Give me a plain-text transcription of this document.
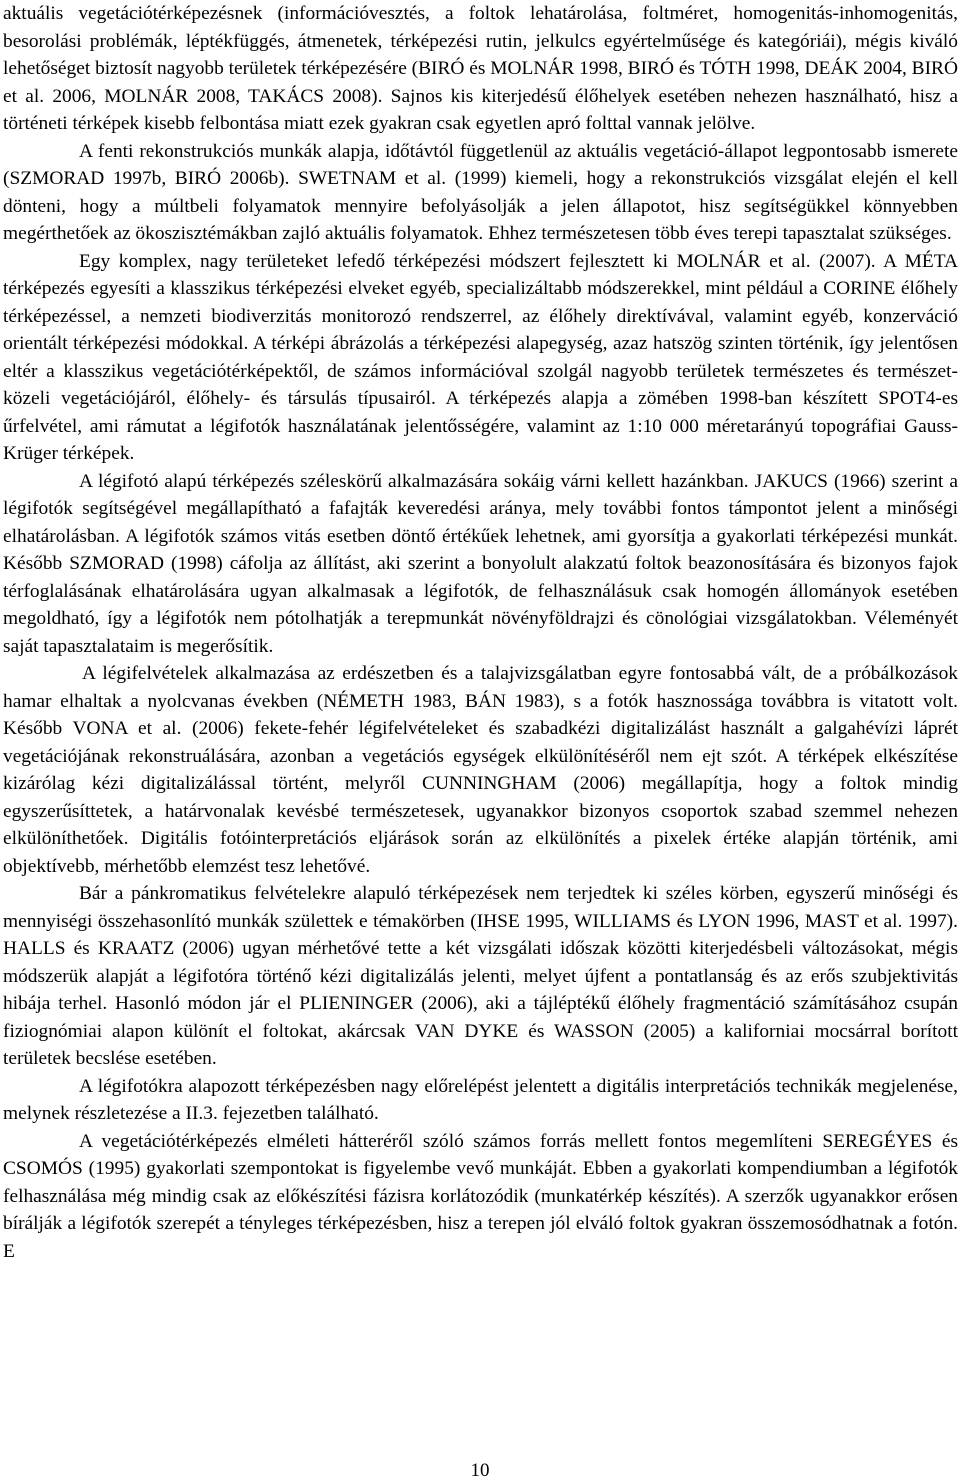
aktuális vegetációtérképezésnek (információvesztés, a foltok lehatárolása, foltméret, homogenitás-inhomogenitás, besorolási problémák, léptékfüggés, átmenetek, térképezési rutin, jelkulcs egyértelműsége és kategóriái), mégis kiváló lehetőséget biztosít nagyobb területek térképezésére (BIRÓ és MOLNÁR 1998, BIRÓ és TÓTH 1998, DEÁK 2004, BIRÓ et al. 2006, MOLNÁR 2008, TAKÁCS 2008). Sajnos kis kiterjedésű élőhelyek esetében nehezen használható, hisz a történeti térképek kisebb felbontása miatt ezek gyakran csak egyetlen apró folttal vannak jelölve.

A fenti rekonstrukciós munkák alapja, időtávtól függetlenül az aktuális vegetáció-állapot legpontosabb ismerete (SZMORAD 1997b, BIRÓ 2006b). SWETNAM et al. (1999) kiemeli, hogy a rekonstrukciós vizsgálat elején el kell dönteni, hogy a múltbeli folyamatok mennyire befolyásolják a jelen állapotot, hisz segítségükkel könnyebben megérthetőek az ökoszisztémákban zajló aktuális folyamatok. Ehhez természetesen több éves terepi tapasztalat szükséges.

Egy komplex, nagy területeket lefedő térképezési módszert fejlesztett ki MOLNÁR et al. (2007). A MÉTA térképezés egyesíti a klasszikus térképezési elveket egyéb, specializáltabb módszerekkel, mint például a CORINE élőhely térképezéssel, a nemzeti biodiverzitás monitorozó rendszerrel, az élőhely direktívával, valamint egyéb, konzerváció orientált térképezési módokkal. A térképi ábrázolás a térképezési alapegység, azaz hatszög szinten történik, így jelentősen eltér a klasszikus vegetációtérképektől, de számos információval szolgál nagyobb területek természetes és természet-közeli vegetációjáról, élőhely- és társulás típusairól. A térképezés alapja a zömében 1998-ban készített SPOT4-es űrfelvétel, ami rámutat a légifotók használatának jelentősségére, valamint az 1:10 000 méretarányú topográfiai Gauss-Krüger térképek.

A légifotó alapú térképezés széleskörű alkalmazására sokáig várni kellett hazánkban. JAKUCS (1966) szerint a légifotók segítségével megállapítható a fafajták keveredési aránya, mely további fontos támpontot jelent a minőségi elhatárolásban. A légifotók számos vitás esetben döntő értékűek lehetnek, ami gyorsítja a gyakorlati térképezési munkát. Később SZMORAD (1998) cáfolja az állítást, aki szerint a bonyolult alakzatú foltok beazonosítására és bizonyos fajok térfoglalásának elhatárolására ugyan alkalmasak a légifotók, de felhasználásuk csak homogén állományok esetében megoldható, így a légifotók nem pótolhatják a terepmunkát növényföldrajzi és cönológiai vizsgálatokban. Véleményét saját tapasztalataim is megerősítik.

A légifelvételek alkalmazása az erdészetben és a talajvizsgálatban egyre fontosabbá vált, de a próbálkozások hamar elhaltak a nyolcvanas években (NÉMETH 1983, BÁN 1983), s a fotók hasznossága továbbra is vitatott volt. Később VONA et al. (2006) fekete-fehér légifelvételeket és szabadkézi digitalizálást használt a galgahévízi láprét vegetációjának rekonstruálására, azonban a vegetációs egységek elkülönítéséről nem ejt szót. A térképek elkészítése kizárólag kézi digitalizálással történt, melyről CUNNINGHAM (2006) megállapítja, hogy a foltok mindig egyszerűsíttetek, a határvonalak kevésbé természetesek, ugyanakkor bizonyos csoportok szabad szemmel nehezen elkülöníthetőek. Digitális fotóinterpretációs eljárások során az elkülönítés a pixelek értéke alapján történik, ami objektívebb, mérhetőbb elemzést tesz lehetővé.

Bár a pánkromatikus felvételekre alapuló térképezések nem terjedtek ki széles körben, egyszerű minőségi és mennyiségi összehasonlító munkák születtek e témakörben (IHSE 1995, WILLIAMS és LYON 1996, MAST et al. 1997). HALLS és KRAATZ (2006) ugyan mérhetővé tette a két vizsgálati időszak közötti kiterjedésbeli változásokat, mégis módszerük alapját a légifotóra történő kézi digitalizálás jelenti, melyet újfent a pontatlanság és az erős szubjektivitás hibája terhel. Hasonló módon jár el PLIENINGER (2006), aki a tájléptékű élőhely fragmentáció számításához csupán fiziognómiai alapon különít el foltokat, akárcsak VAN DYKE és WASSON (2005) a kaliforniai mocsárral borított területek becslése esetében.

A légifotókra alapozott térképezésben nagy előrelépést jelentett a digitális interpretációs technikák megjelenése, melynek részletezése a II.3. fejezetben található.

A vegetációtérképezés elméleti hátteréről szóló számos forrás mellett fontos megemlíteni SEREGÉYES és CSOMÓS (1995) gyakorlati szempontokat is figyelembe vevő munkáját. Ebben a gyakorlati kompendiumban a légifotók felhasználása még mindig csak az előkészítési fázisra korlátozódik (munkatérkép készítés). A szerzők ugyanakkor erősen bírálják a légifotók szerepét a tényleges térképezésben, hisz a terepen jól elváló foltok gyakran összemosódhatnak a fotón. E

10
